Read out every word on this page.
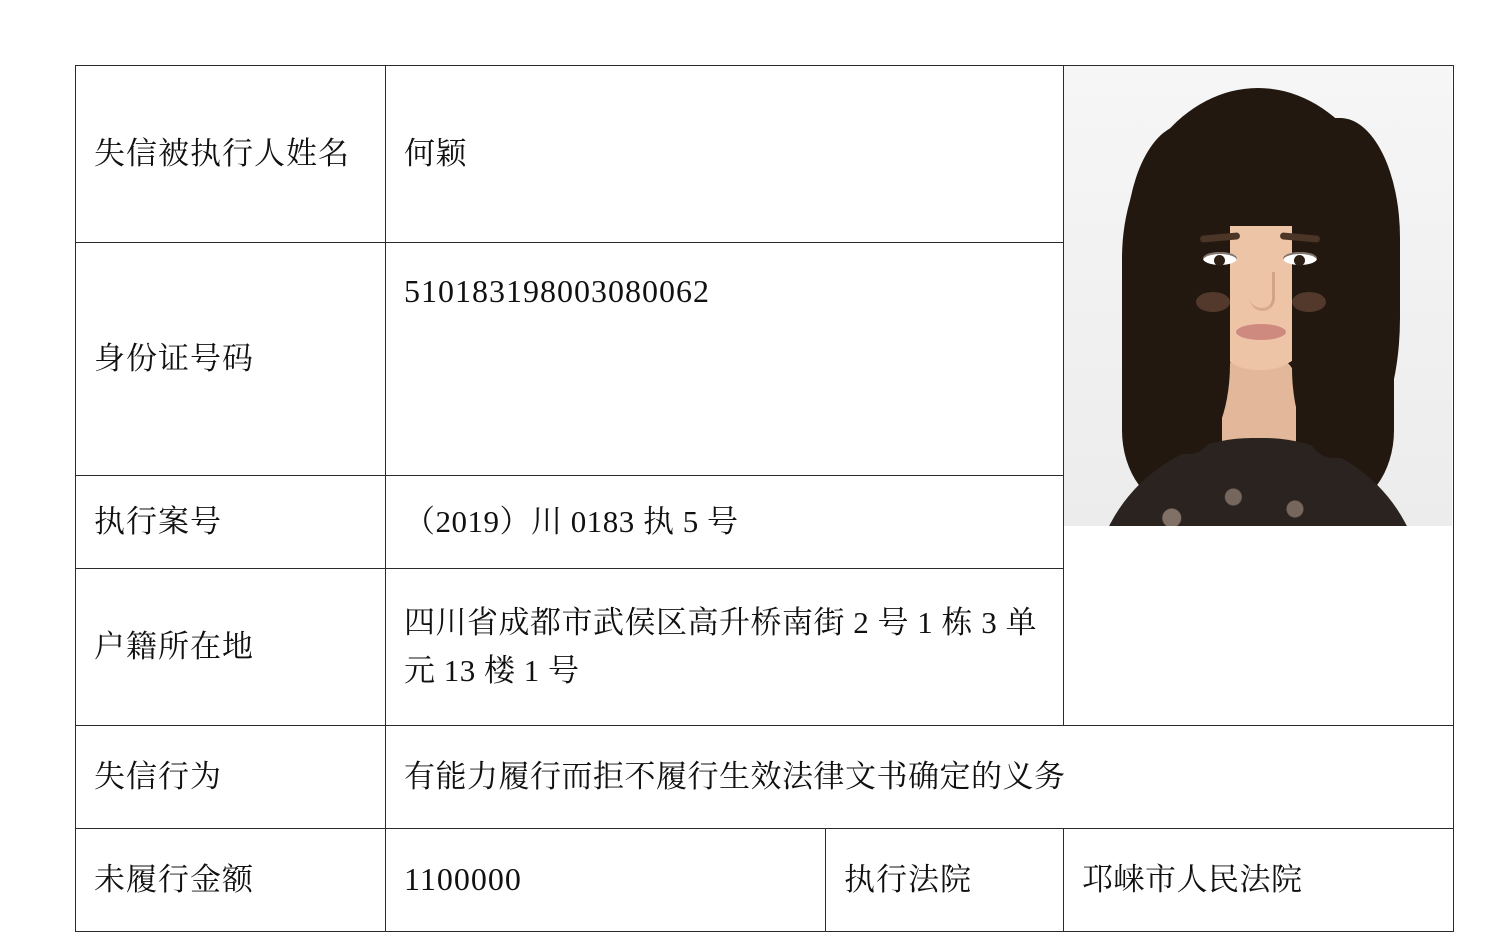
失信被执行人姓名	何颖		

身份证号码	510183198003080062		
执行案号	（2019）川 0183 执 5 号		
户籍所在地	四川省成都市武侯区高升桥南街 2 号 1 栋 3 单元 13 楼 1 号		
失信行为	有能力履行而拒不履行生效法律文书确定的义务		
未履行金额	1100000	执行法院	邛崃市人民法院
